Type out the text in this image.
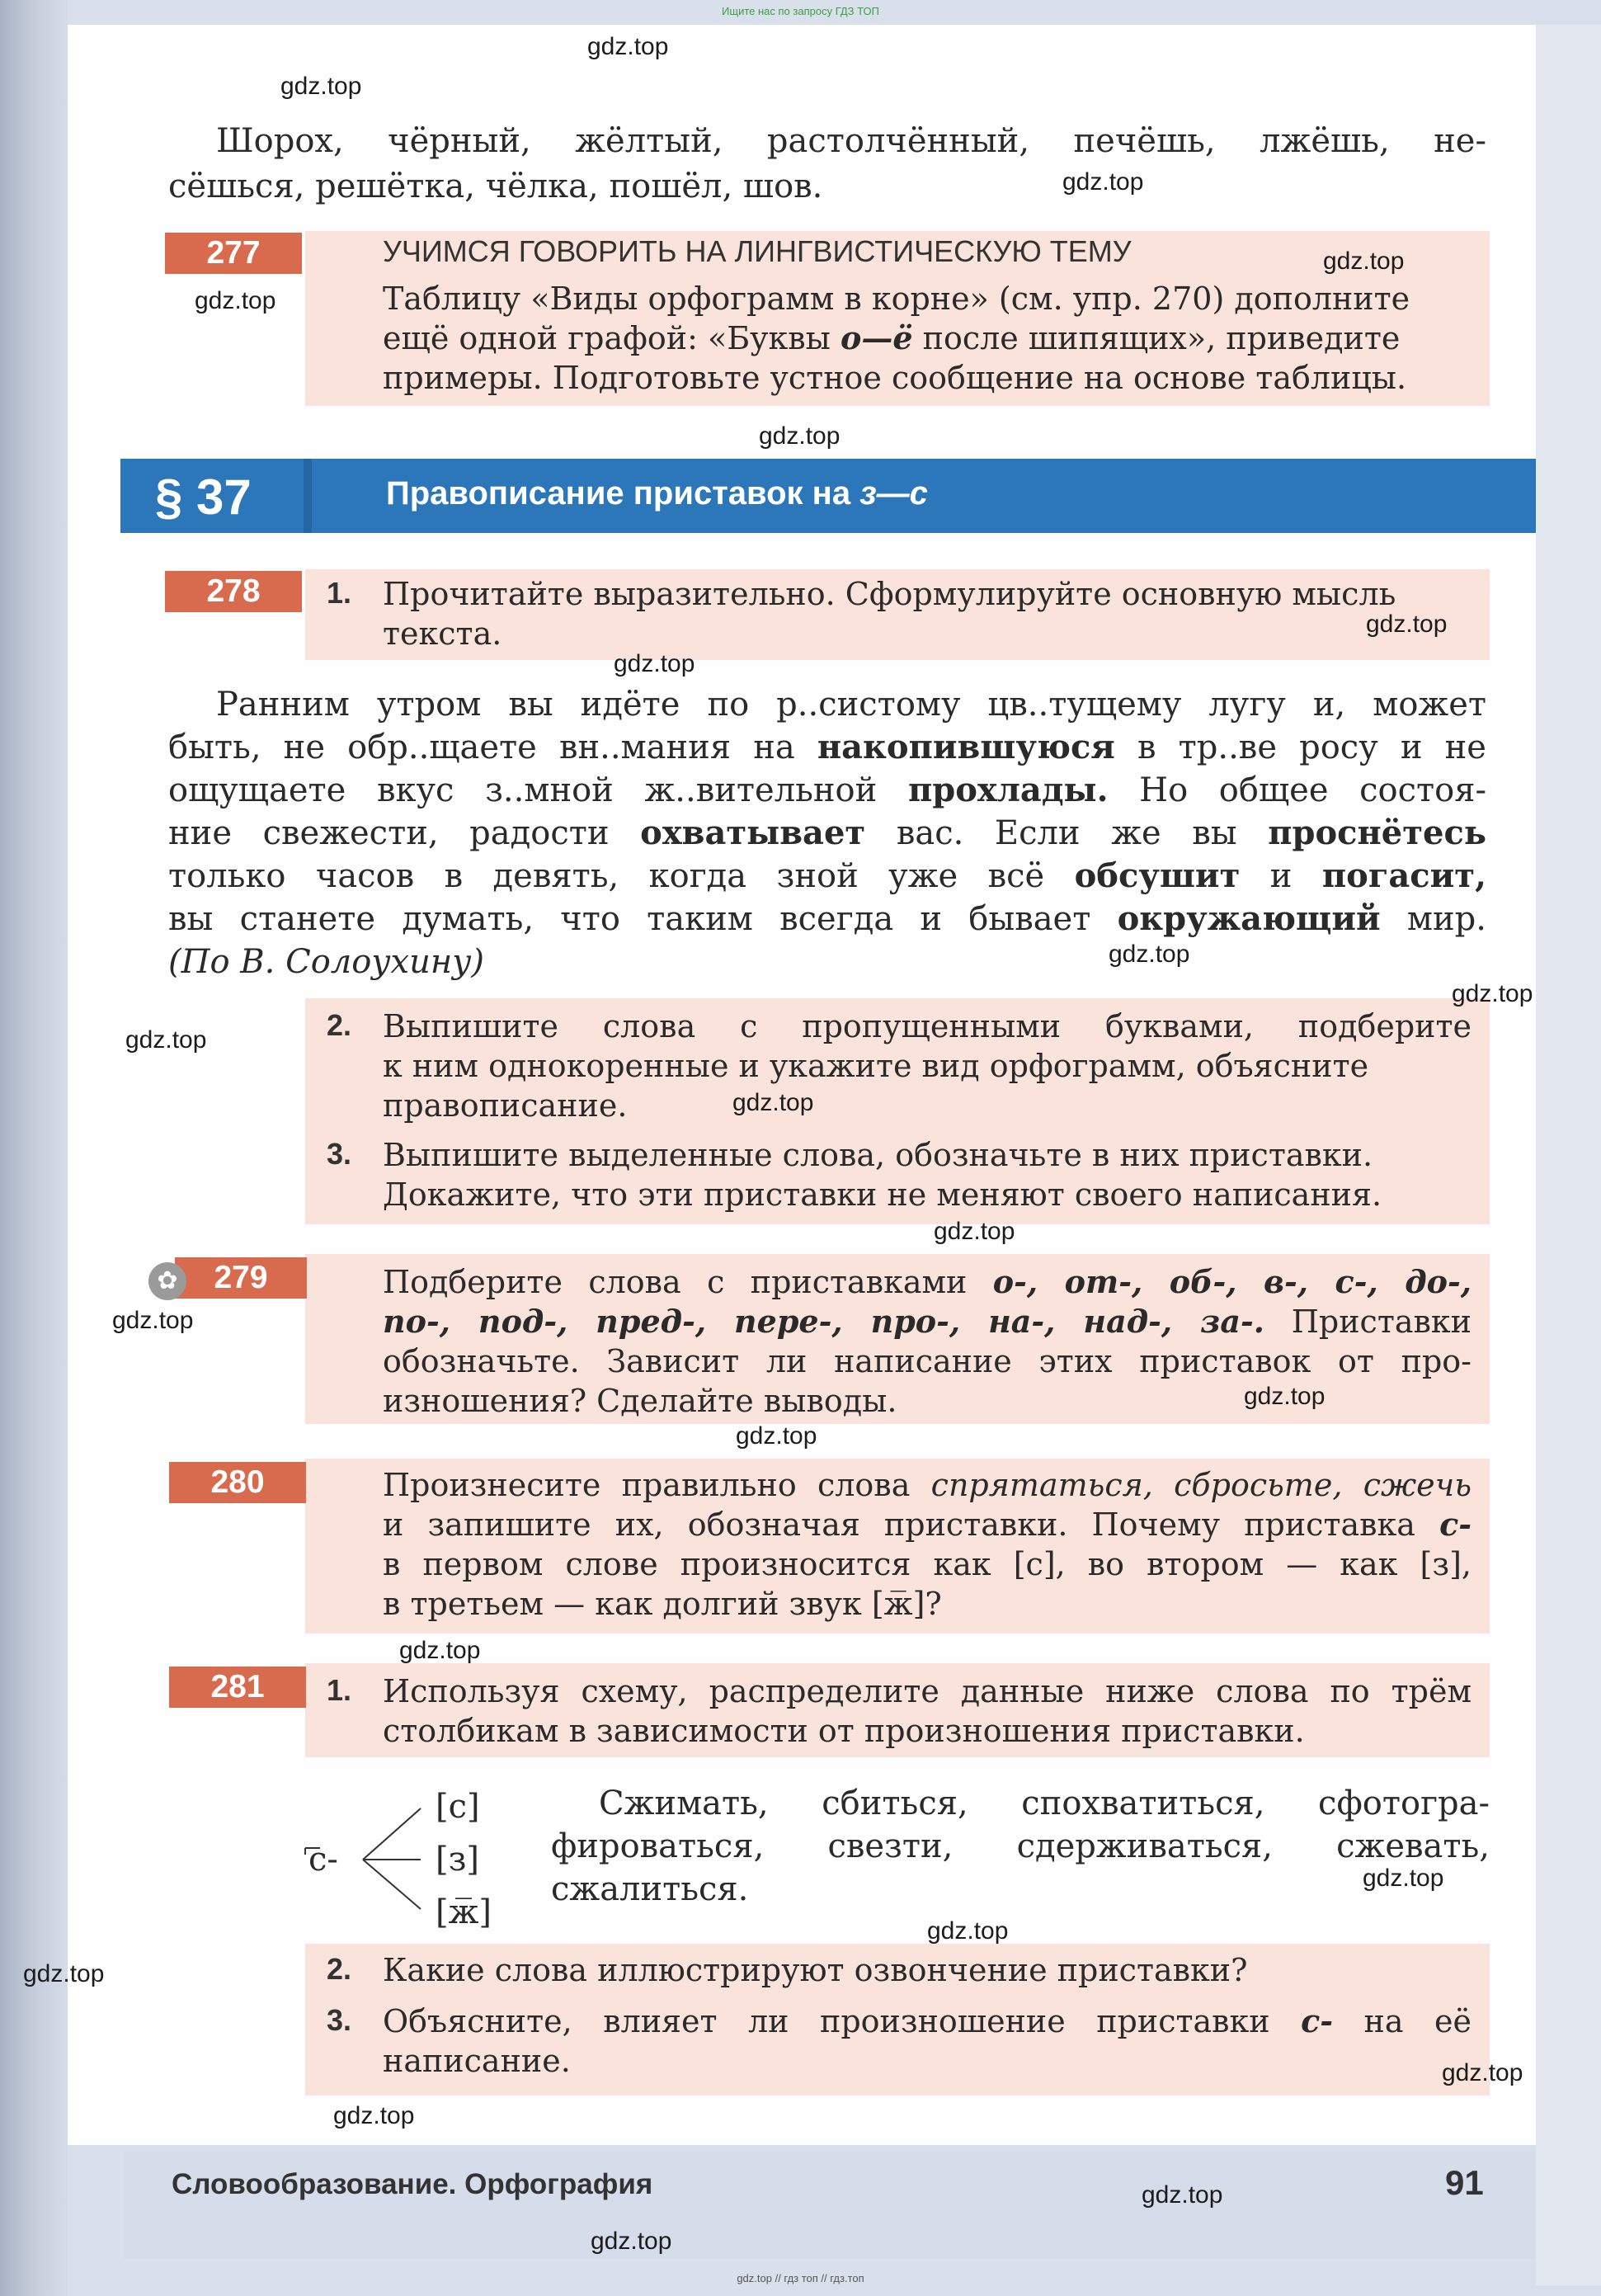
Ищите нас по запросу ГДЗ ТОП
Шорох, чёрный, жёлтый, растолчённый, печёшь, лжёшь, не-
сёшься, решётка, чёлка, пошёл, шов.
277	УЧИМСЯ ГОВОРИТЬ НА ЛИНГВИСТИЧЕСКУЮ ТЕМУ
Таблицу «Виды орфограмм в корне» (см. упр. 270) дополните
ещё одной графой: «Буквы о—ё после шипящих», приведите
примеры. Подготовьте устное сообщение на основе таблицы.
§ 37	Правописание приставок на з—с
278	1. Прочитайте выразительно. Сформулируйте основную мысль
текста.
Ранним утром вы идёте по р..систому цв..тущему лугу и, может
быть, не обр..щаете вн..мания на накопившуюся в тр..ве росу и не
ощущаете вкус з..мной ж..вительной прохлады. Но общее состоя-
ние свежести, радости охватывает вас. Если же вы проснётесь
только часов в девять, когда зной уже всё обсушит и погасит,
вы станете думать, что таким всегда и бывает окружающий мир.
(По В. Солоухину)
2. Выпишите слова с пропущенными буквами, подберите
к ним однокоренные и укажите вид орфограмм, объясните
правописание.
3. Выпишите выделенные слова, обозначьте в них приставки.
Докажите, что эти приставки не меняют своего написания.
279
✿	Подберите слова с приставками о-, от-, об-, в-, с-, до-,
по-, под-, пред-, пере-, про-, на-, над-, за-. Приставки
обозначьте. Зависит ли написание этих приставок от про-
изношения? Сделайте выводы.
280	Произнесите правильно слова спрятаться, сбросьте, сжечь
и запишите их, обозначая приставки. Почему приставка с-
в первом слове произносится как [с], во втором — как [з],
в третьем — как долгий звук [ж̅]?
281	1. Используя схему, распределите данные ниже слова по трём
столбикам в зависимости от произношения приставки.
с-
[с]
[з]
[ж̅]
Сжимать, сбиться, спохватиться, сфотогра-
фироваться, свезти, сдерживаться, сжевать,
сжалиться.
2. Какие слова иллюстрируют озвончение приставки?
3. Объясните, влияет ли произношение приставки с- на её
написание.
Словообразование. Орфография	91
gdz.top
gdz.top
gdz.top
gdz.top
gdz.top
gdz.top
gdz.top
gdz.top
gdz.top
gdz.top
gdz.top
gdz.top
gdz.top
gdz.top
gdz.top
gdz.top
gdz.top
gdz.top
gdz.top
gdz.top
gdz.top
gdz.top
gdz.top
gdz.top
gdz.top // гдз топ // гдз.топ
